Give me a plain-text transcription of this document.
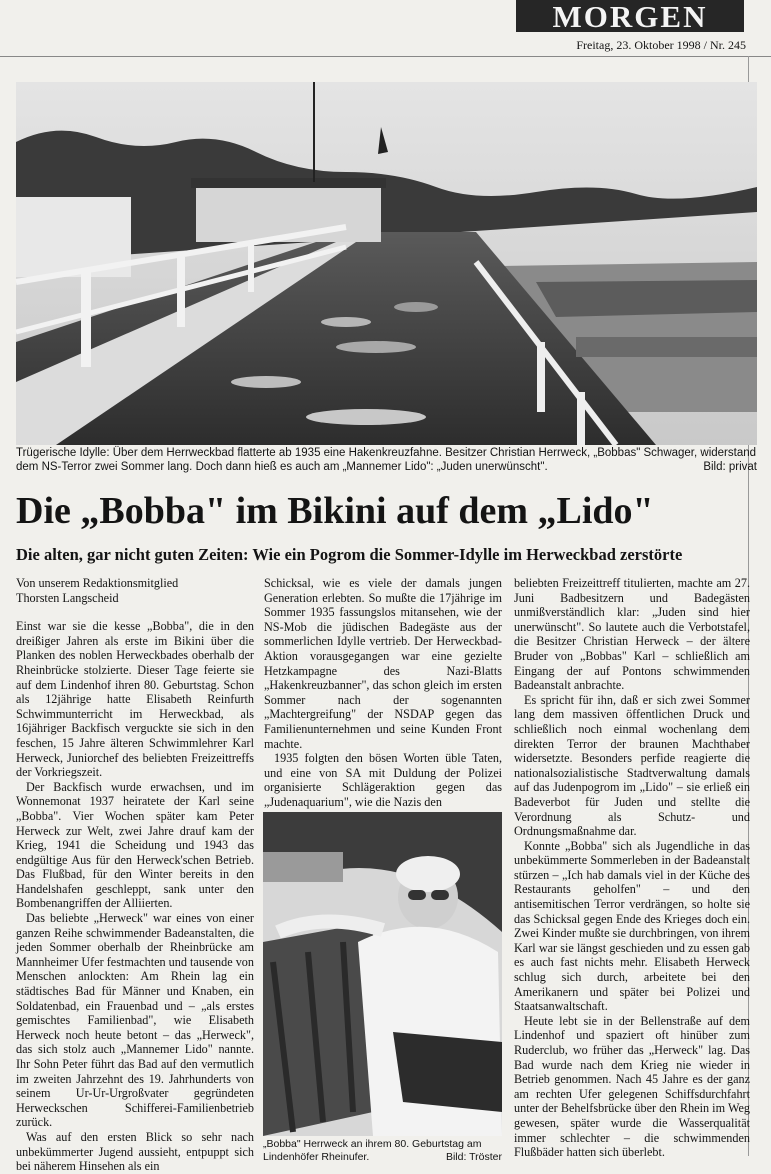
MORGEN
Freitag, 23. Oktober 1998 / Nr. 245
Trügerische Idylle: Über dem Herrweckbad flatterte ab 1935 eine Hakenkreuzfahne. Besitzer Christian Herrweck, „Bobbas" Schwager, widerstand dem NS-Terror zwei Sommer lang. Doch dann hieß es auch am „Mannemer Lido": „Juden unerwünscht".	Bild: privat
Die „Bobba" im Bikini auf dem „Lido"
Die alten, gar nicht guten Zeiten: Wie ein Pogrom die Sommer-Idylle im Herweckbad zerstörte

Von unserem Redaktionsmitglied
Thorsten Langscheid

Einst war sie die kesse „Bobba", die in den dreißiger Jahren als erste im Bikini über die Planken des noblen Herweckbades oberhalb der Rheinbrücke stolzierte. Dieser Tage feierte sie auf dem Lindenhof ihren 80. Geburtstag. Schon als 12jährige hatte Elisabeth Reinfurth Schwimmunterricht im Herweckbad, als 16jähriger Backfisch verguckte sie sich in den feschen, 15 Jahre älteren Schwimmlehrer Karl Herweck, Juniorchef des beliebten Freizeittreffs der Vorkriegszeit.

Der Backfisch wurde erwachsen, und im Wonnemonat 1937 heiratete der Karl seine „Bobba". Vier Wochen später kam Peter Herweck zur Welt, zwei Jahre drauf kam der Krieg, 1941 die Scheidung und 1943 das endgültige Aus für den Herweck'schen Betrieb. Das Flußbad, für den Winter bereits in den Handelshafen geschleppt, sank unter den Bombenangriffen der Alliierten.

Das beliebte „Herweck" war eines von einer ganzen Reihe schwimmender Badeanstalten, die jeden Sommer oberhalb der Rheinbrücke am Mannheimer Ufer festmachten und tausende von Menschen anlockten: Am Rhein lag ein städtisches Bad für Männer und Knaben, ein Soldatenbad, ein Frauenbad und – „als erstes gemischtes Familienbad", wie Elisabeth Herweck noch heute betont – das „Herweck", das sich stolz auch „Mannemer Lido" nannte. Ihr Sohn Peter führt das Bad auf den vermutlich im zweiten Jahrzehnt des 19. Jahrhunderts von seinem Ur-Ur-Urgroßvater gegründeten Herweckschen Schifferei-Familienbetrieb zurück.

Was auf den ersten Blick so sehr nach unbekümmerter Jugend aussieht, entpuppt sich bei näherem Hinsehen als ein

Schicksal, wie es viele der damals jungen Generation erlebten. So mußte die 17jährige im Sommer 1935 fassungslos mitansehen, wie der NS-Mob die jüdischen Badegäste aus der sommerlichen Idylle vertrieb. Der Herweckbad-Aktion vorausgegangen war eine gezielte Hetzkampagne des Nazi-Blatts „Hakenkreuzbanner", das schon gleich im ersten Sommer nach der sogenannten „Machtergreifung" der NSDAP gegen das Familienunternehmen und seine Kunden Front machte.

1935 folgten den bösen Worten üble Taten, und eine von SA mit Duldung der Polizei organisierte Schlägeraktion gegen das „Judenaquarium", wie die Nazis den

„Bobba" Herrweck an ihrem 80. Geburtstag am Lindenhöfer Rheinufer.	Bild: Tröster

beliebten Freizeittreff titulierten, machte am 27. Juni Badbesitzern und Badegästen unmißverständlich klar: „Juden sind hier unerwünscht". So lautete auch die Verbotstafel, die Besitzer Christian Herweck – der ältere Bruder von „Bobbas" Karl – schließlich am Eingang der auf Pontons schwimmenden Badeanstalt anbrachte.

Es spricht für ihn, daß er sich zwei Sommer lang dem massiven öffentlichen Druck und schließlich noch einmal wochenlang dem direkten Terror der braunen Machthaber widersetzte. Besonders perfide reagierte die nationalsozialistische Stadtverwaltung damals auf das Judenpogrom im „Lido" – sie erließ ein Badeverbot für Juden und stellte die Verordnung als Schutz- und Ordnungsmaßnahme dar.

Konnte „Bobba" sich als Jugendliche in das unbekümmerte Sommerleben in der Badeanstalt stürzen – „Ich hab damals viel in der Küche des Restaurants geholfen" – und den antisemitischen Terror verdrängen, so holte sie das Schicksal gegen Ende des Krieges doch ein. Zwei Kinder mußte sie durchbringen, von ihrem Karl war sie längst geschieden und zu essen gab es auch fast nichts mehr. Elisabeth Herweck schlug sich durch, arbeitete bei den Amerikanern und später bei Polizei und Staatsanwaltschaft.

Heute lebt sie in der Bellenstraße auf dem Lindenhof und spaziert oft hinüber zum Ruderclub, wo früher das „Herweck" lag. Das Bad wurde nach dem Krieg nie wieder in Betrieb genommen. Nach 45 Jahre es der ganz am rechten Ufer gelegenen Schiffsdurchfahrt unter der Behelfsbrücke über den Rhein im Weg gewesen, später wurde die Wasserqualität immer schlechter – die schwimmenden Flußbäder hatten sich überlebt.
